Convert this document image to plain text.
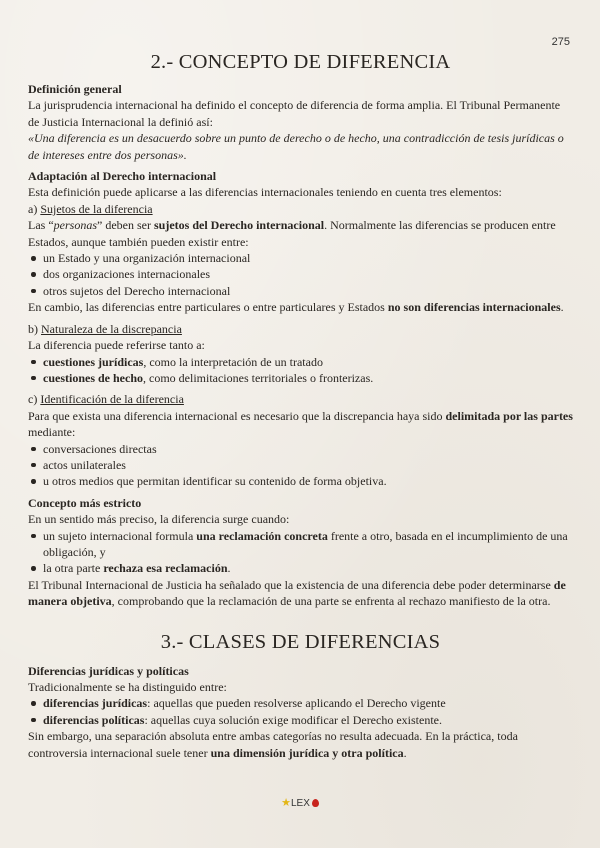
275
2.- CONCEPTO DE DIFERENCIA

Definición general

La jurisprudencia internacional ha definido el concepto de diferencia de forma amplia. El Tribunal Permanente de Justicia Internacional la definió así:

«Una diferencia es un desacuerdo sobre un punto de derecho o de hecho, una contradicción de tesis jurídicas o de intereses entre dos personas».

Adaptación al Derecho internacional

Esta definición puede aplicarse a las diferencias internacionales teniendo en cuenta tres elementos:

a) Sujetos de la diferencia

Las “personas” deben ser sujetos del Derecho internacional. Normalmente las diferencias se producen entre Estados, aunque también pueden existir entre:

un Estado y una organización internacional
dos organizaciones internacionales
otros sujetos del Derecho internacional

En cambio, las diferencias entre particulares o entre particulares y Estados no son diferencias internacionales.

b) Naturaleza de la discrepancia

La diferencia puede referirse tanto a:

cuestiones jurídicas, como la interpretación de un tratado
cuestiones de hecho, como delimitaciones territoriales o fronterizas.

c) Identificación de la diferencia

Para que exista una diferencia internacional es necesario que la discrepancia haya sido delimitada por las partes mediante:

conversaciones directas
actos unilaterales
u otros medios que permitan identificar su contenido de forma objetiva.

Concepto más estricto

En un sentido más preciso, la diferencia surge cuando:

un sujeto internacional formula una reclamación concreta frente a otro, basada en el incumplimiento de una obligación, y
la otra parte rechaza esa reclamación.

El Tribunal Internacional de Justicia ha señalado que la existencia de una diferencia debe poder determinarse de manera objetiva, comprobando que la reclamación de una parte se enfrenta al rechazo manifiesto de la otra.

3.- CLASES DE DIFERENCIAS

Diferencias jurídicas y políticas

Tradicionalmente se ha distinguido entre:

diferencias jurídicas: aquellas que pueden resolverse aplicando el Derecho vigente
diferencias políticas: aquellas cuya solución exige modificar el Derecho existente.

Sin embargo, una separación absoluta entre ambas categorías no resulta adecuada. En la práctica, toda controversia internacional suele tener una dimensión jurídica y otra política.

★LEX
